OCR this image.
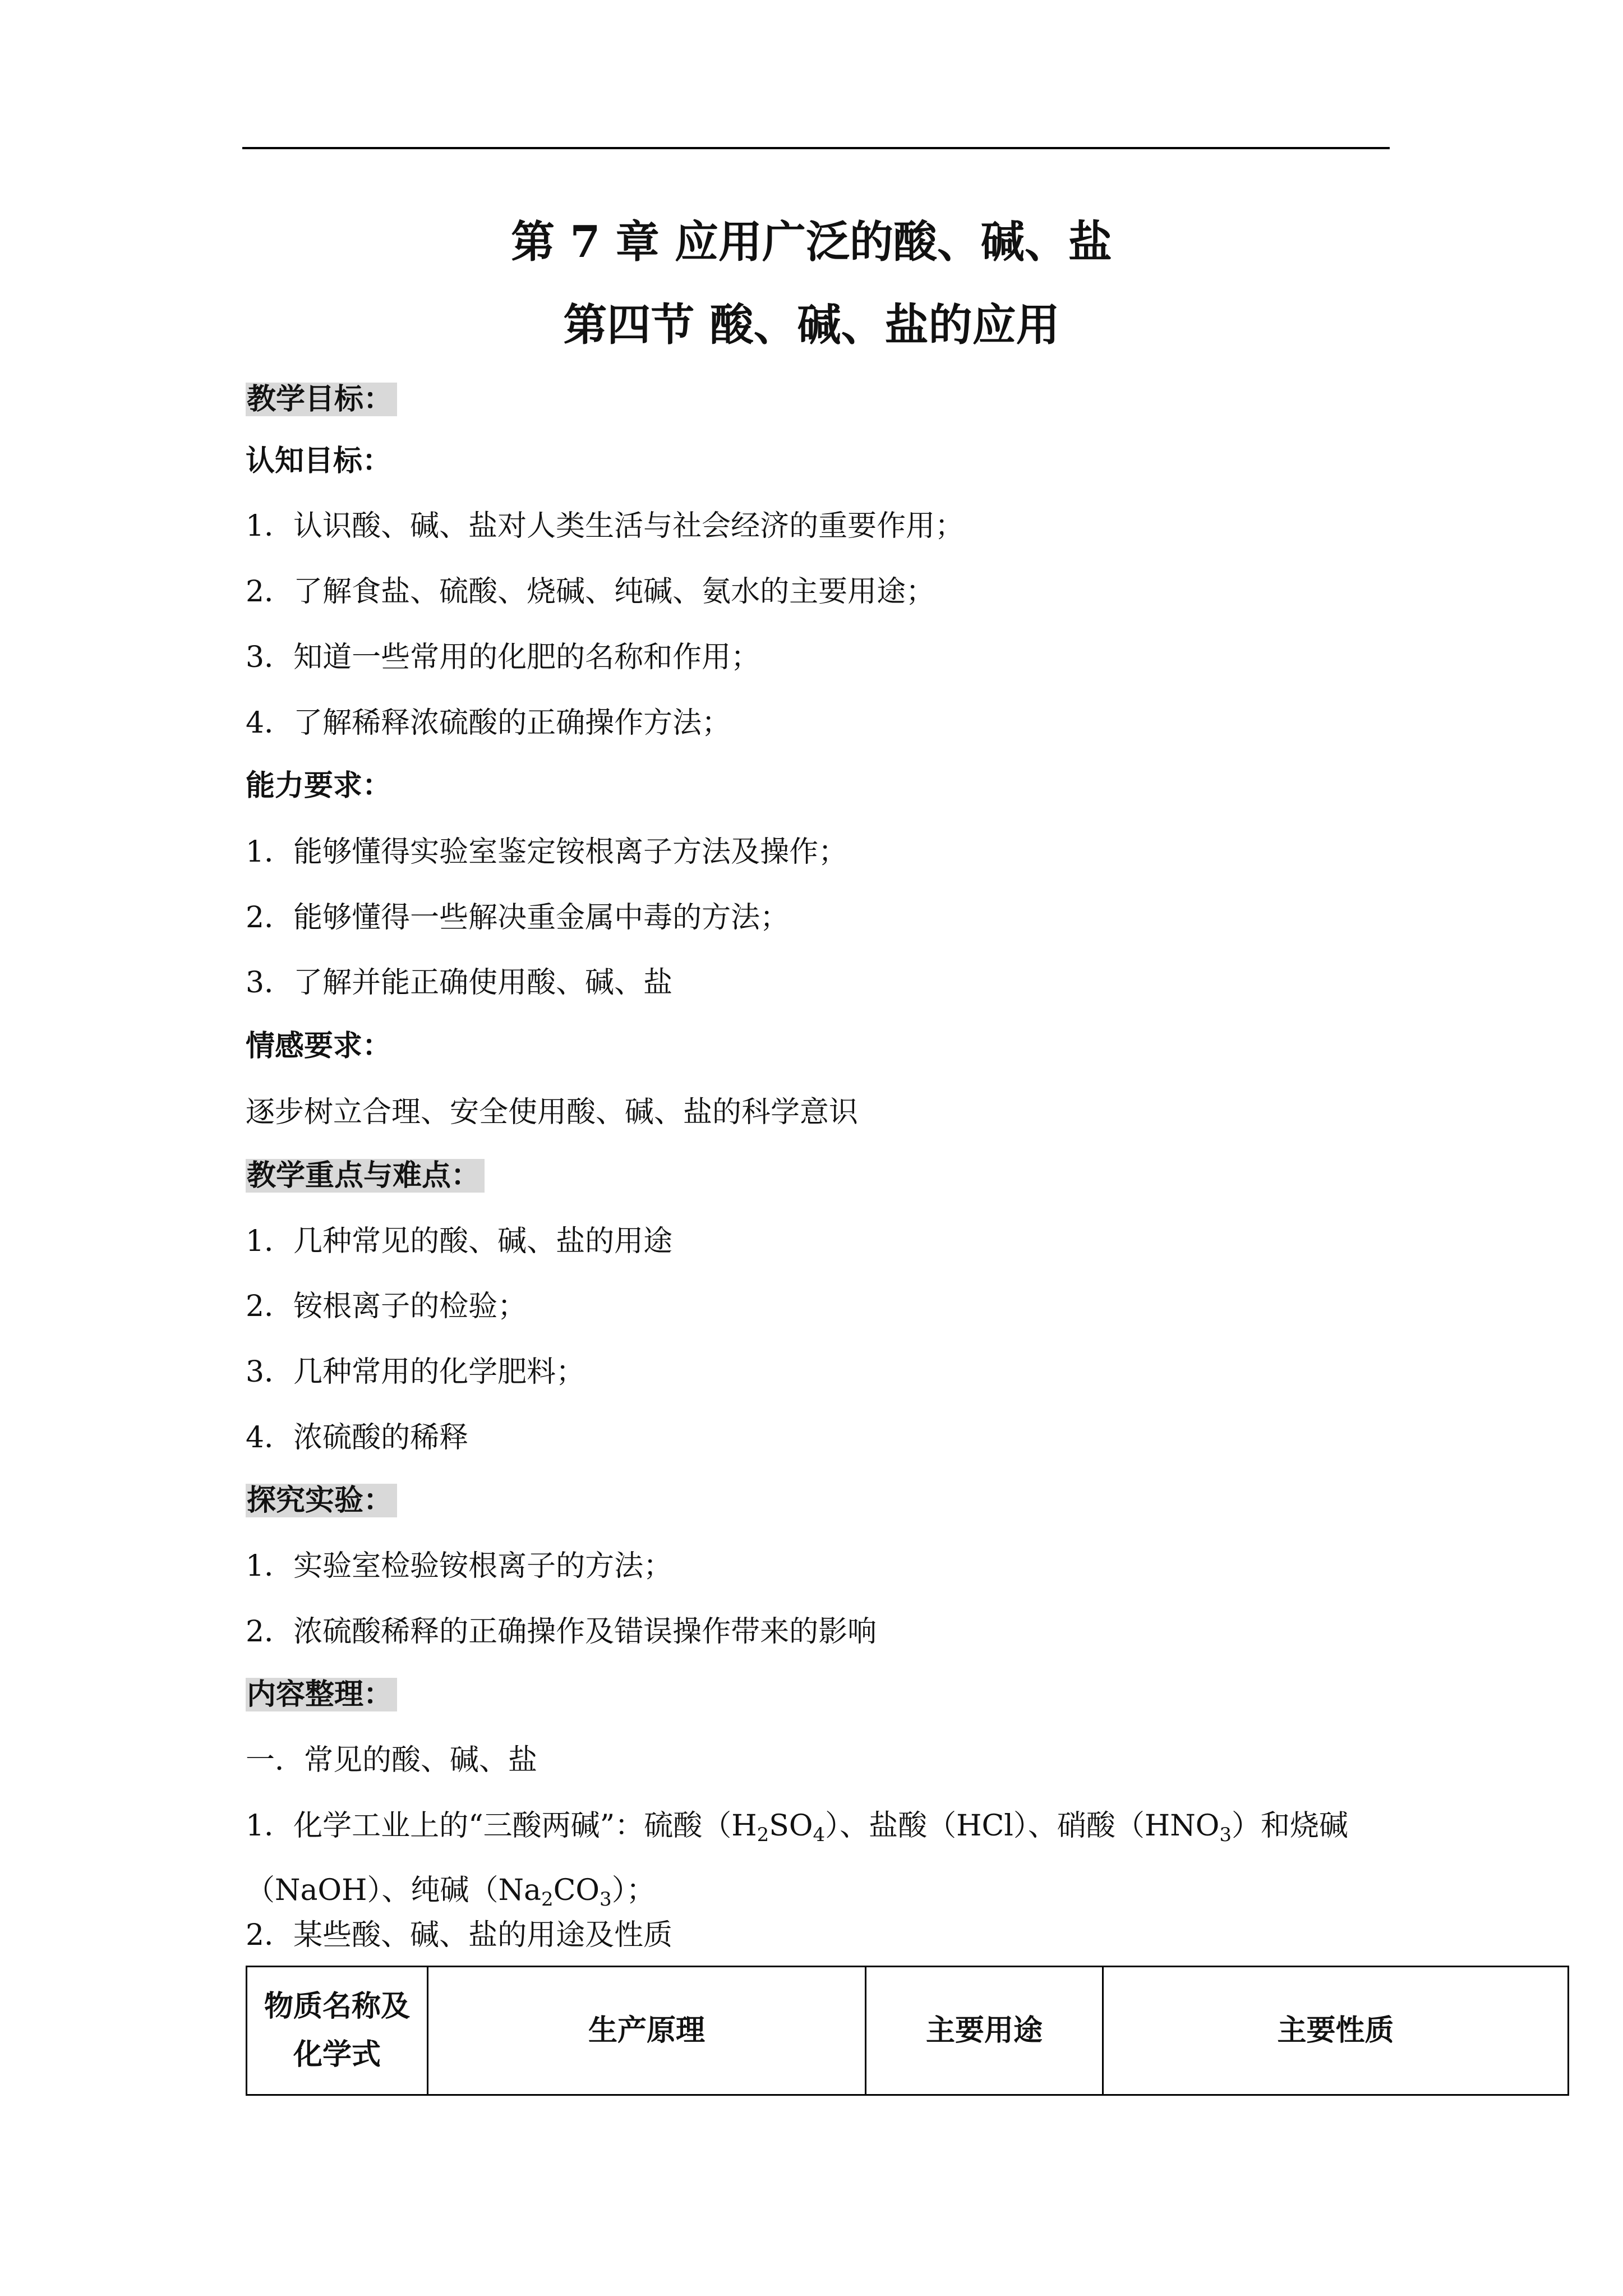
第 7 章 应用广泛的酸、碱、盐
第四节 酸、碱、盐的应用
教学目标：
认知目标：
1．认识酸、碱、盐对人类生活与社会经济的重要作用；
2．了解食盐、硫酸、烧碱、纯碱、氨水的主要用途；
3．知道一些常用的化肥的名称和作用；
4．了解稀释浓硫酸的正确操作方法；
能力要求：
1．能够懂得实验室鉴定铵根离子方法及操作；
2．能够懂得一些解决重金属中毒的方法；
3．了解并能正确使用酸、碱、盐
情感要求：
逐步树立合理、安全使用酸、碱、盐的科学意识
教学重点与难点：
1．几种常见的酸、碱、盐的用途
2．铵根离子的检验；
3．几种常用的化学肥料；
4．浓硫酸的稀释
探究实验：
1．实验室检验铵根离子的方法；
2．浓硫酸稀释的正确操作及错误操作带来的影响
内容整理：
一．常见的酸、碱、盐
1．化学工业上的“三酸两碱”：硫酸$(H_2SO_4)$、盐酸（HCl）、硝酸$(HNO_3)$和烧碱
（NaOH）、纯碱$(Na_2CO_3)$；
2．某些酸、碱、盐的用途及性质
物质名称及
化学式
	生产原理	主要用途	主要性质
